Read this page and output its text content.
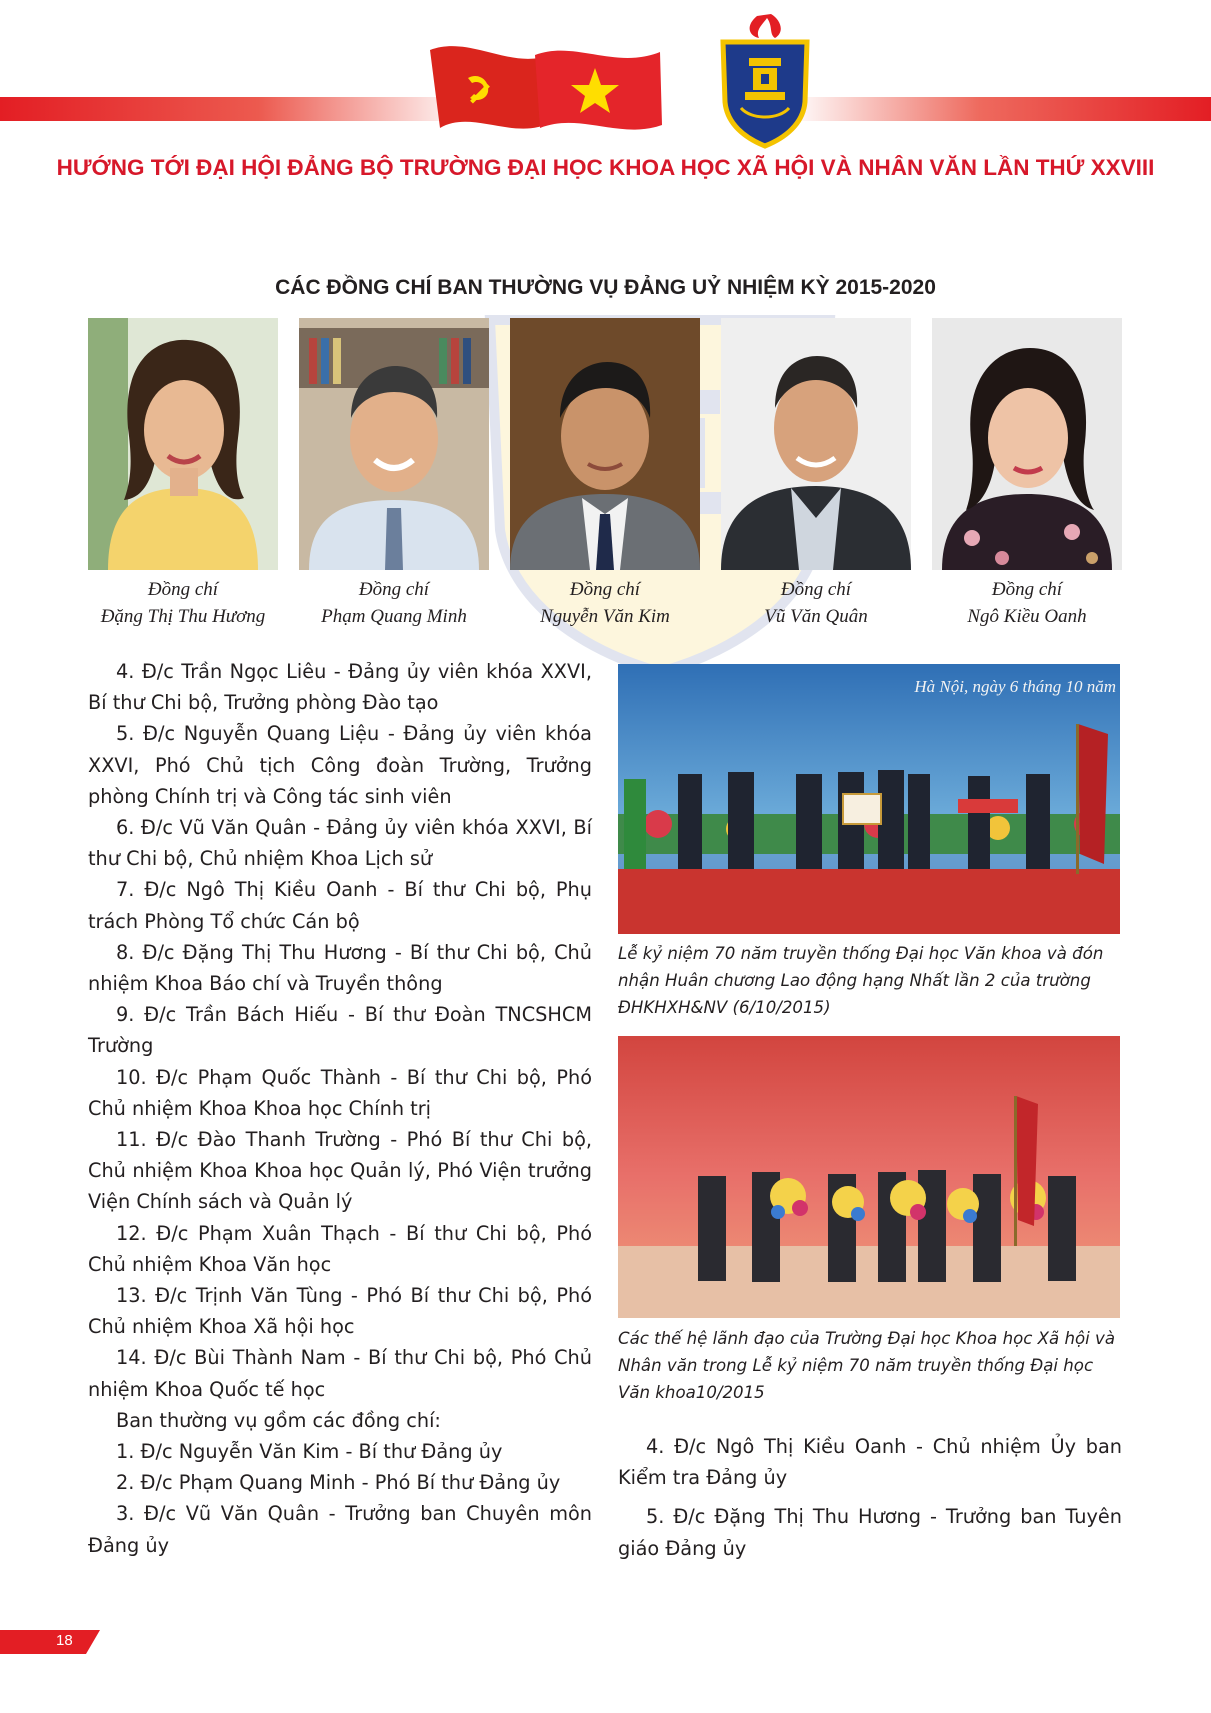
HƯỚNG TỚI ĐẠI HỘI ĐẢNG BỘ TRƯỜNG ĐẠI HỌC KHOA HỌC XÃ HỘI VÀ NHÂN VĂN LẦN THỨ XXVIII
CÁC ĐỒNG CHÍ BAN THƯỜNG VỤ ĐẢNG UỶ NHIỆM KỲ 2015-2020
Đồng chí
Đặng Thị Thu Hương
Đồng chí
Phạm Quang Minh
Đồng chí
Nguyễn Văn Kim
Đồng chí
Vũ Văn Quân
Đồng chí
Ngô Kiều Oanh

4. Đ/c Trần Ngọc Liêu - Đảng ủy viên khóa XXVI, Bí thư Chi bộ, Trưởng phòng Đào tạo

5. Đ/c Nguyễn Quang Liệu - Đảng ủy viên khóa XXVI, Phó Chủ tịch Công đoàn Trường, Trưởng phòng Chính trị và Công tác sinh viên

6. Đ/c Vũ Văn Quân - Đảng ủy viên khóa XXVI, Bí thư Chi bộ, Chủ nhiệm Khoa Lịch sử

7. Đ/c Ngô Thị Kiều Oanh - Bí thư Chi bộ, Phụ trách Phòng Tổ chức Cán bộ

8. Đ/c Đặng Thị Thu Hương - Bí thư Chi bộ, Chủ nhiệm Khoa Báo chí và Truyền thông

9. Đ/c Trần Bách Hiếu - Bí thư Đoàn TNCSHCM Trường

10. Đ/c Phạm Quốc Thành - Bí thư Chi bộ, Phó Chủ nhiệm Khoa Khoa học Chính trị

11. Đ/c Đào Thanh Trường - Phó Bí thư Chi bộ, Chủ nhiệm Khoa Khoa học Quản lý, Phó Viện trưởng Viện Chính sách và Quản lý

12. Đ/c Phạm Xuân Thạch - Bí thư Chi bộ, Phó Chủ nhiệm Khoa Văn học

13. Đ/c Trịnh Văn Tùng - Phó Bí thư Chi bộ, Phó Chủ nhiệm Khoa Xã hội học

14. Đ/c Bùi Thành Nam - Bí thư Chi bộ, Phó Chủ nhiệm Khoa Quốc tế học

Ban thường vụ gồm các đồng chí:

1. Đ/c Nguyễn Văn Kim - Bí thư Đảng ủy

2. Đ/c Phạm Quang Minh - Phó Bí thư Đảng ủy

3. Đ/c Vũ Văn Quân - Trưởng ban Chuyên môn Đảng ủy

Hà Nội, ngày 6 tháng 10 năm
Lễ kỷ niệm 70 năm truyền thống Đại học Văn khoa và đón nhận Huân chương Lao động hạng Nhất lần 2 của trường ĐHKHXH&NV (6/10/2015)
Các thế hệ lãnh đạo của Trường Đại học Khoa học Xã hội và Nhân văn trong Lễ kỷ niệm 70 năm truyền thống Đại học Văn khoa10/2015

4. Đ/c Ngô Thị Kiều Oanh - Chủ nhiệm Ủy ban Kiểm tra Đảng ủy

5. Đ/c Đặng Thị Thu Hương - Trưởng ban Tuyên giáo Đảng ủy

18
